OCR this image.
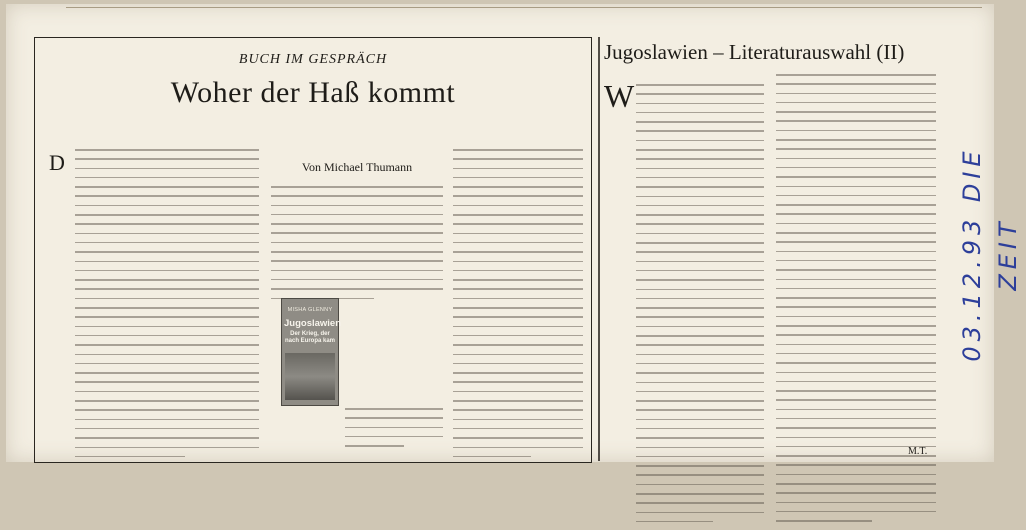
BUCH IM GESPRÄCH
Woher der Haß kommt
Von Michael Thumann
D
MISHA GLENNY
Jugoslawien
Der Krieg, der nach Europa kam
Jugoslawien – Literaturauswahl (II)
W
M.T.
03.12.93 DIE ZEIT
